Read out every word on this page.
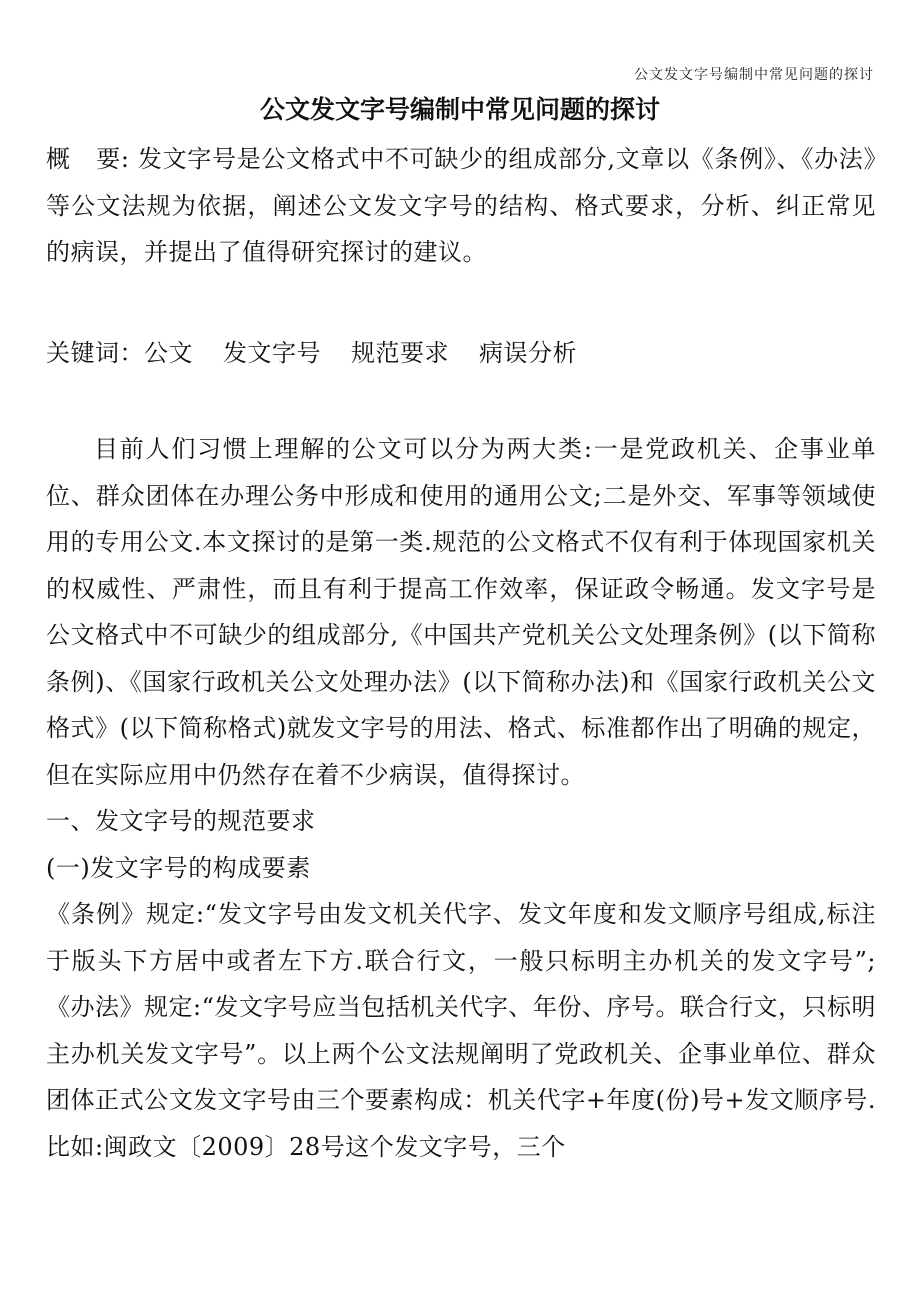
公文发文字号编制中常见问题的探讨
公文发文字号编制中常见问题的探讨

概要: 发文字号是公文格式中不可缺少的组成部分,文章以《条例》、《办法》等公文法规为依据，阐述公文发文字号的结构、格式要求，分析、纠正常见的病误，并提出了值得研究探讨的建议。

关键词：公文 发文字号 规范要求 病误分析

目前人们习惯上理解的公文可以分为两大类:一是党政机关、企事业单位、群众团体在办理公务中形成和使用的通用公文;二是外交、军事等领域使用的专用公文.本文探讨的是第一类.规范的公文格式不仅有利于体现国家机关的权威性、严肃性，而且有利于提高工作效率，保证政令畅通。发文字号是公文格式中不可缺少的组成部分,《中国共产党机关公文处理条例》(以下简称条例)、《国家行政机关公文处理办法》(以下简称办法)和《国家行政机关公文格式》(以下简称格式)就发文字号的用法、格式、标准都作出了明确的规定，但在实际应用中仍然存在着不少病误，值得探讨。

一、发文字号的规范要求

(一)发文字号的构成要素

《条例》规定:“发文字号由发文机关代字、发文年度和发文顺序号组成,标注于版头下方居中或者左下方.联合行文，一般只标明主办机关的发文字号”;《办法》规定:“发文字号应当包括机关代字、年份、序号。联合行文，只标明主办机关发文字号”。以上两个公文法规阐明了党政机关、企事业单位、群众团体正式公文发文字号由三个要素构成：机关代字+年度(份)号+发文顺序号.比如:闽政文〔2009〕28号这个发文字号，三个
